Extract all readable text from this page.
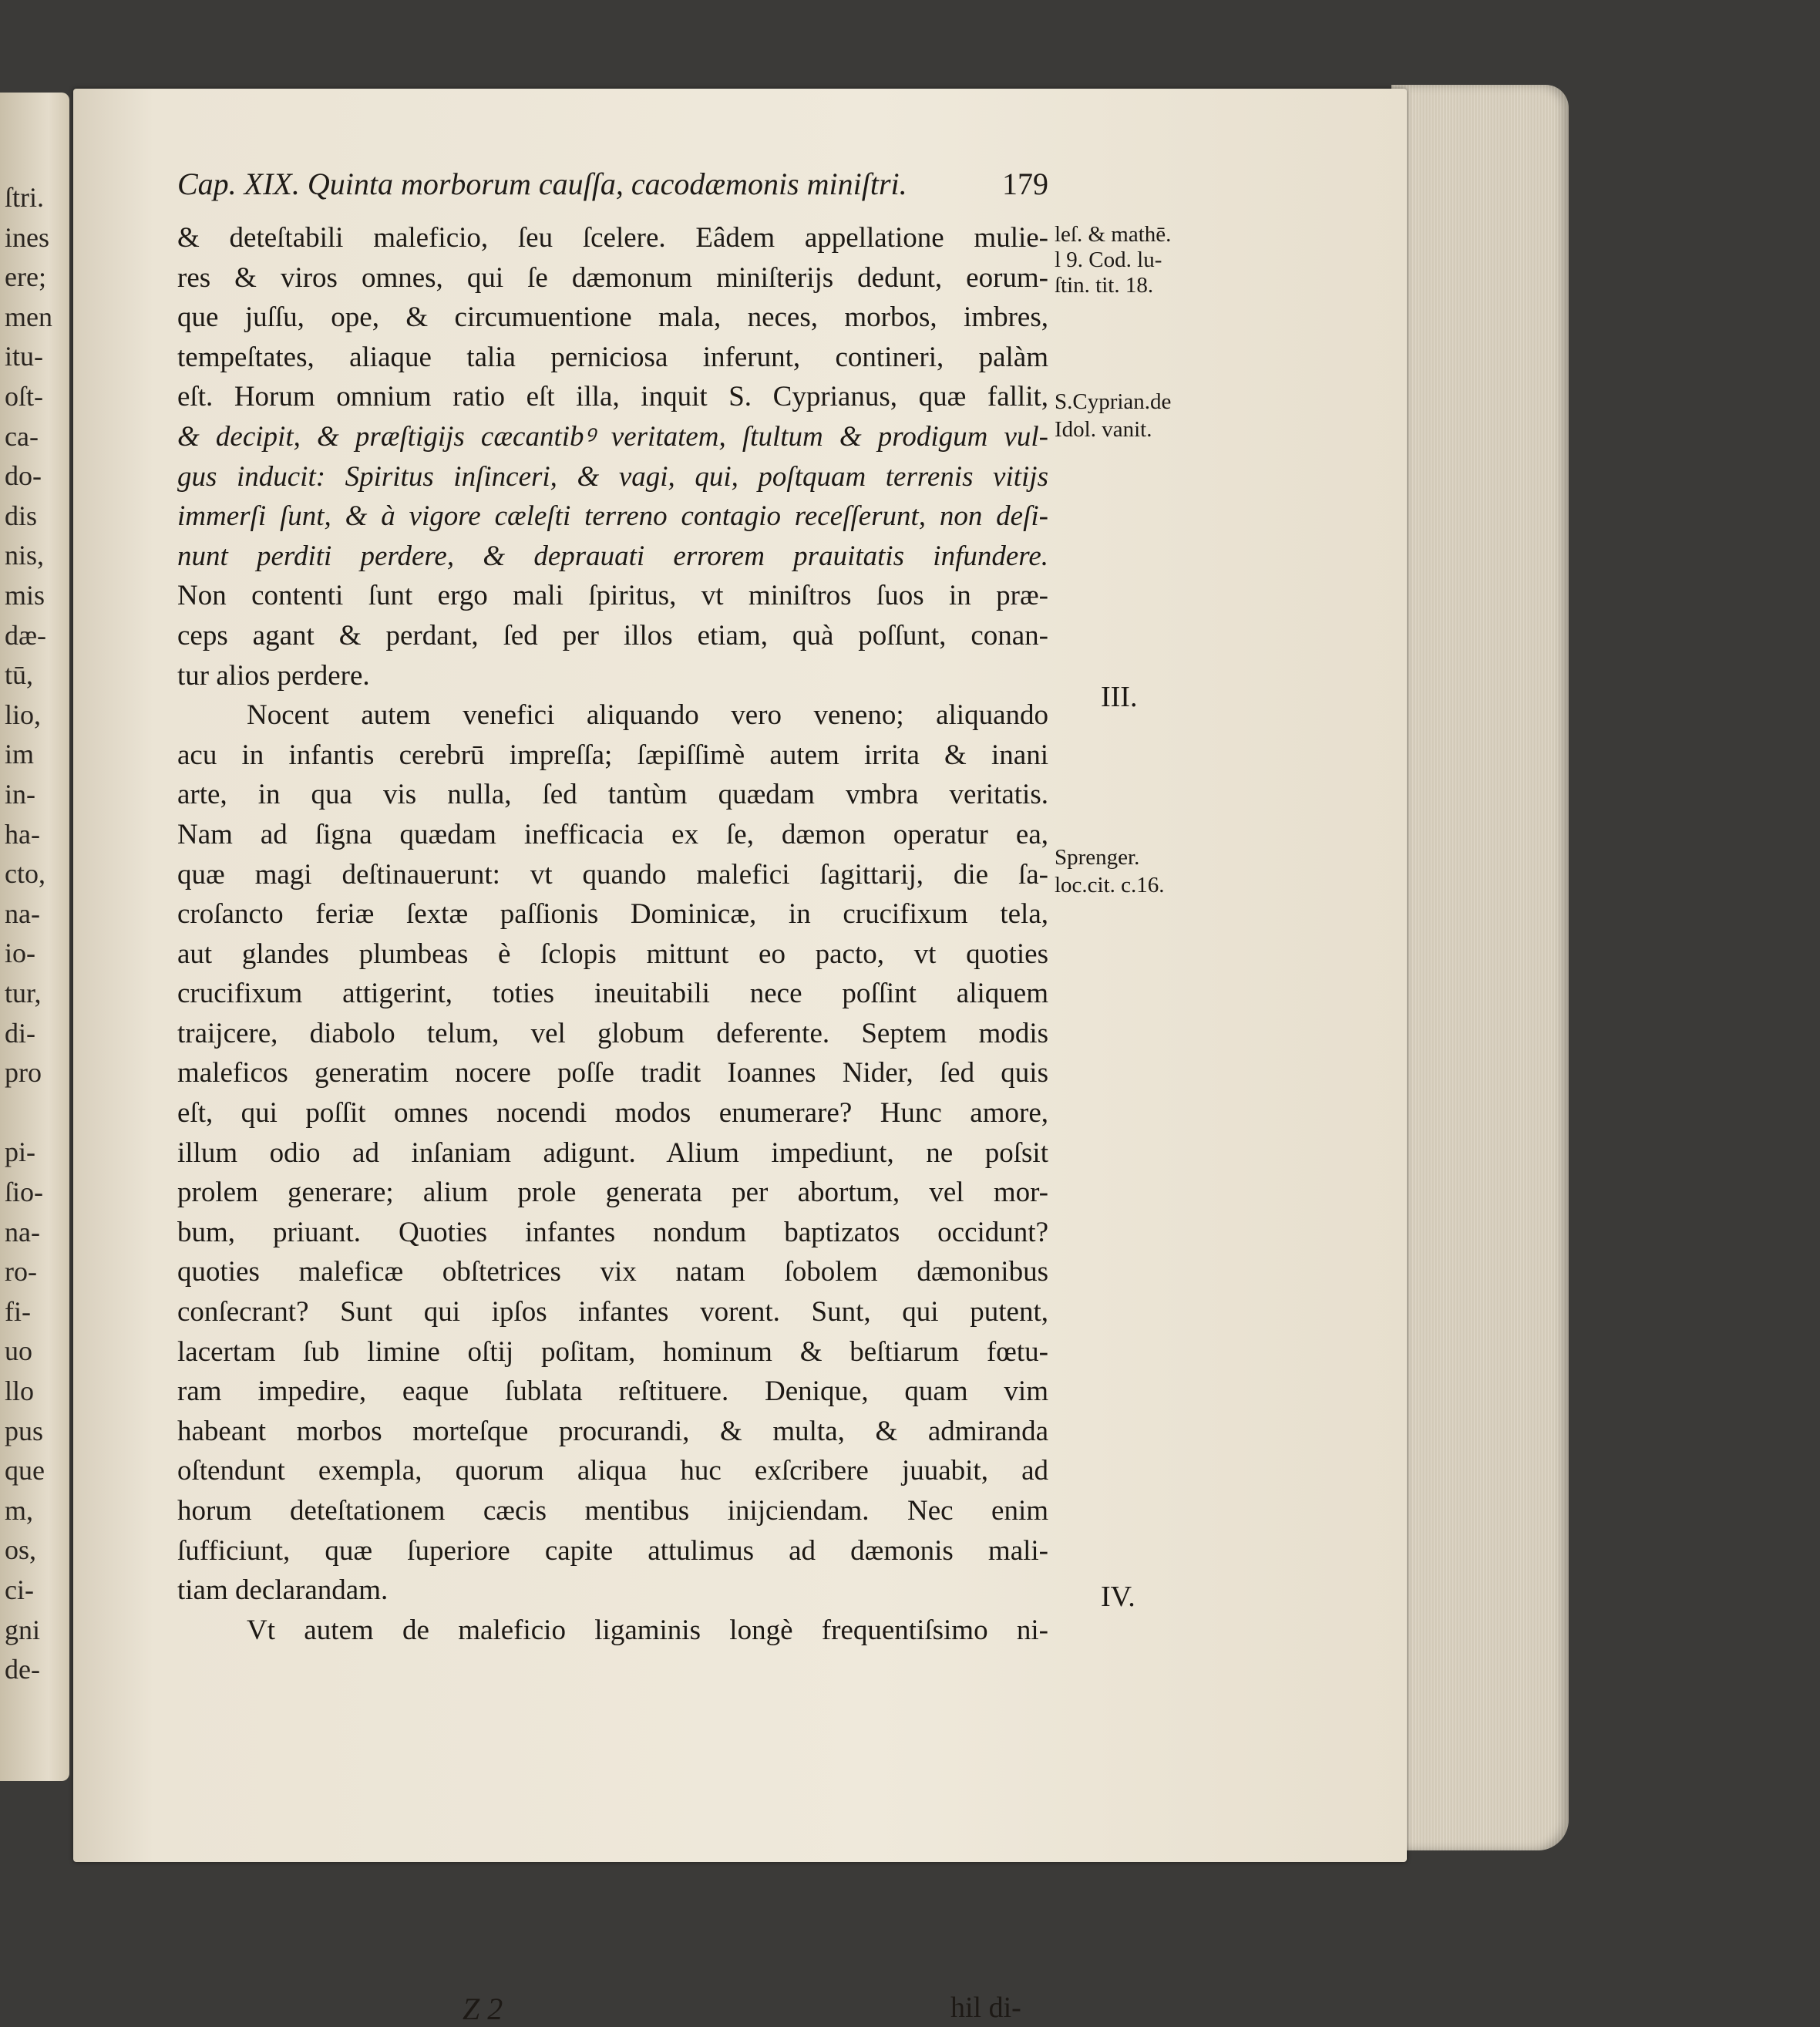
ſtri.
ines
ere;
men
itu-
oſt-
ca-
do-
dis
nis,
mis
dæ-
tū,
lio,
im
in-
ha-
cto,
na-
io-
tur,
di-
pro
pi-
ſio-
na-
ro-
fi-
uo
llo
pus
que
m,
os,
ci-
gni
de-
Cap. XIX. Quinta morborum cauſſa, cacodæmonis miniſtri.	179
& deteſtabili maleficio, ſeu ſcelere. Eâdem appellatione mulie-
res & viros omnes, qui ſe dæmonum miniſterijs dedunt, eorum-
que juſſu, ope, & circumuentione mala, neces, morbos, imbres,
tempeſtates, aliaque talia perniciosa inferunt, contineri, palàm
eſt. Horum omnium ratio eſt illa, inquit S. Cyprianus, quæ fallit,
& decipit, & præſtigijs cæcantibꝰ veritatem, ſtultum & prodigum vul-
gus inducit: Spiritus inſinceri, & vagi, qui, poſtquam terrenis vitijs
immerſi ſunt, & à vigore cæleſti terreno contagio receſſerunt, non deſi-
nunt perditi perdere, & deprauati errorem prauitatis infundere.
Non contenti ſunt ergo mali ſpiritus, vt miniſtros ſuos in præ-
ceps agant & perdant, ſed per illos etiam, quà poſſunt, conan-
tur alios perdere.
Nocent autem venefici aliquando vero veneno; aliquando
acu in infantis cerebrū impreſſa; ſæpiſſimè autem irrita & inani
arte, in qua vis nulla, ſed tantùm quædam vmbra veritatis.
Nam ad ſigna quædam inefficacia ex ſe, dæmon operatur ea,
quæ magi deſtinauerunt: vt quando malefici ſagittarij, die ſa-
croſanctо feriæ ſextæ paſſionis Dominicæ, in crucifixum tela,
aut glandes plumbeas è ſclopis mittunt eo pacto, vt quoties
crucifixum attigerint, toties ineuitabili nece poſſint aliquem
traijcere, diabolo telum, vel globum deferente. Septem modis
maleficos generatim nocere poſſe tradit Ioannes Nider, ſed quis
eſt, qui poſſit omnes nocendi modos enumerare? Hunc amore,
illum odio ad inſaniam adigunt. Alium impediunt, ne poſsit
prolem generare; alium prole generata per abortum, vel mor-
bum, priuant. Quoties infantes nondum baptizatos occidunt?
quoties maleficæ obſtetrices vix natam ſobolem dæmonibus
conſecrant? Sunt qui ipſos infantes vorent. Sunt, qui putent,
lacertam ſub limine oſtij poſitam, hominum & beſtiarum fœtu-
ram impedire, eaque ſublata reſtituere. Denique, quam vim
habeant morbos morteſque procurandi, & multa, & admiranda
oſtendunt exempla, quorum aliqua huc exſcribere juuabit, ad
horum deteſtationem cæcis mentibus inijciendam. Nec enim
ſufficiunt, quæ ſuperiore capite attulimus ad dæmonis mali-
tiam declarandam.
Vt autem de maleficio ligaminis longè frequentiſsimo ni-
leſ. & mathē.
l 9. Cod. lu-
ſtin. tit. 18.
S.Cyprian.de
Idol. vanit.
III.
Sprenger.
loc.cit. c.16.
IV.
Z 2	hil di-
